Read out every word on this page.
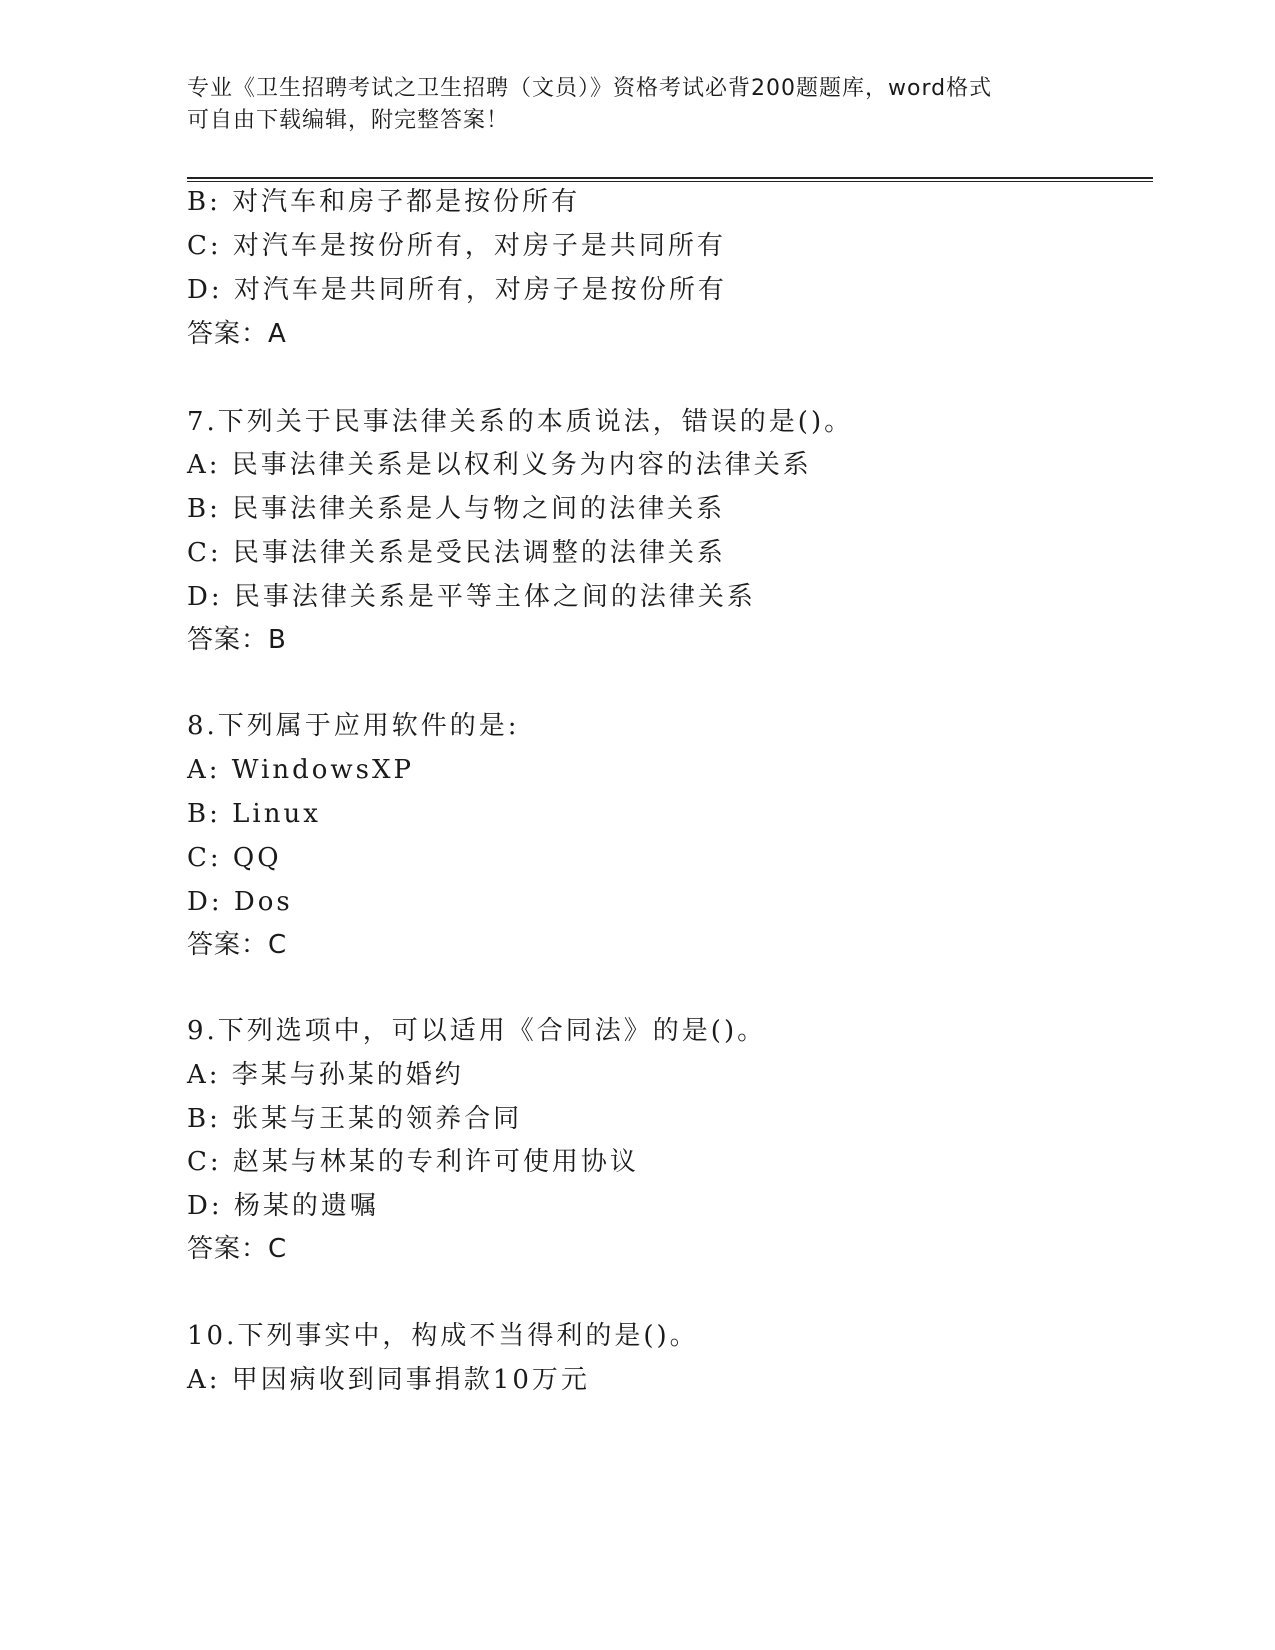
专业《卫生招聘考试之卫生招聘（文员）》资格考试必背200题题库，word格式
可自由下载编辑，附完整答案！
B: 对汽车和房子都是按份所有
C: 对汽车是按份所有，对房子是共同所有
D: 对汽车是共同所有，对房子是按份所有
答案：A
7.下列关于民事法律关系的本质说法，错误的是()。
A: 民事法律关系是以权利义务为内容的法律关系
B: 民事法律关系是人与物之间的法律关系
C: 民事法律关系是受民法调整的法律关系
D: 民事法律关系是平等主体之间的法律关系
答案：B
8.下列属于应用软件的是:
A: WindowsXP
B: Linux
C: QQ
D: Dos
答案：C
9.下列选项中，可以适用《合同法》的是()。
A: 李某与孙某的婚约
B: 张某与王某的领养合同
C: 赵某与林某的专利许可使用协议
D: 杨某的遗嘱
答案：C
10.下列事实中，构成不当得利的是()。
A: 甲因病收到同事捐款10万元
